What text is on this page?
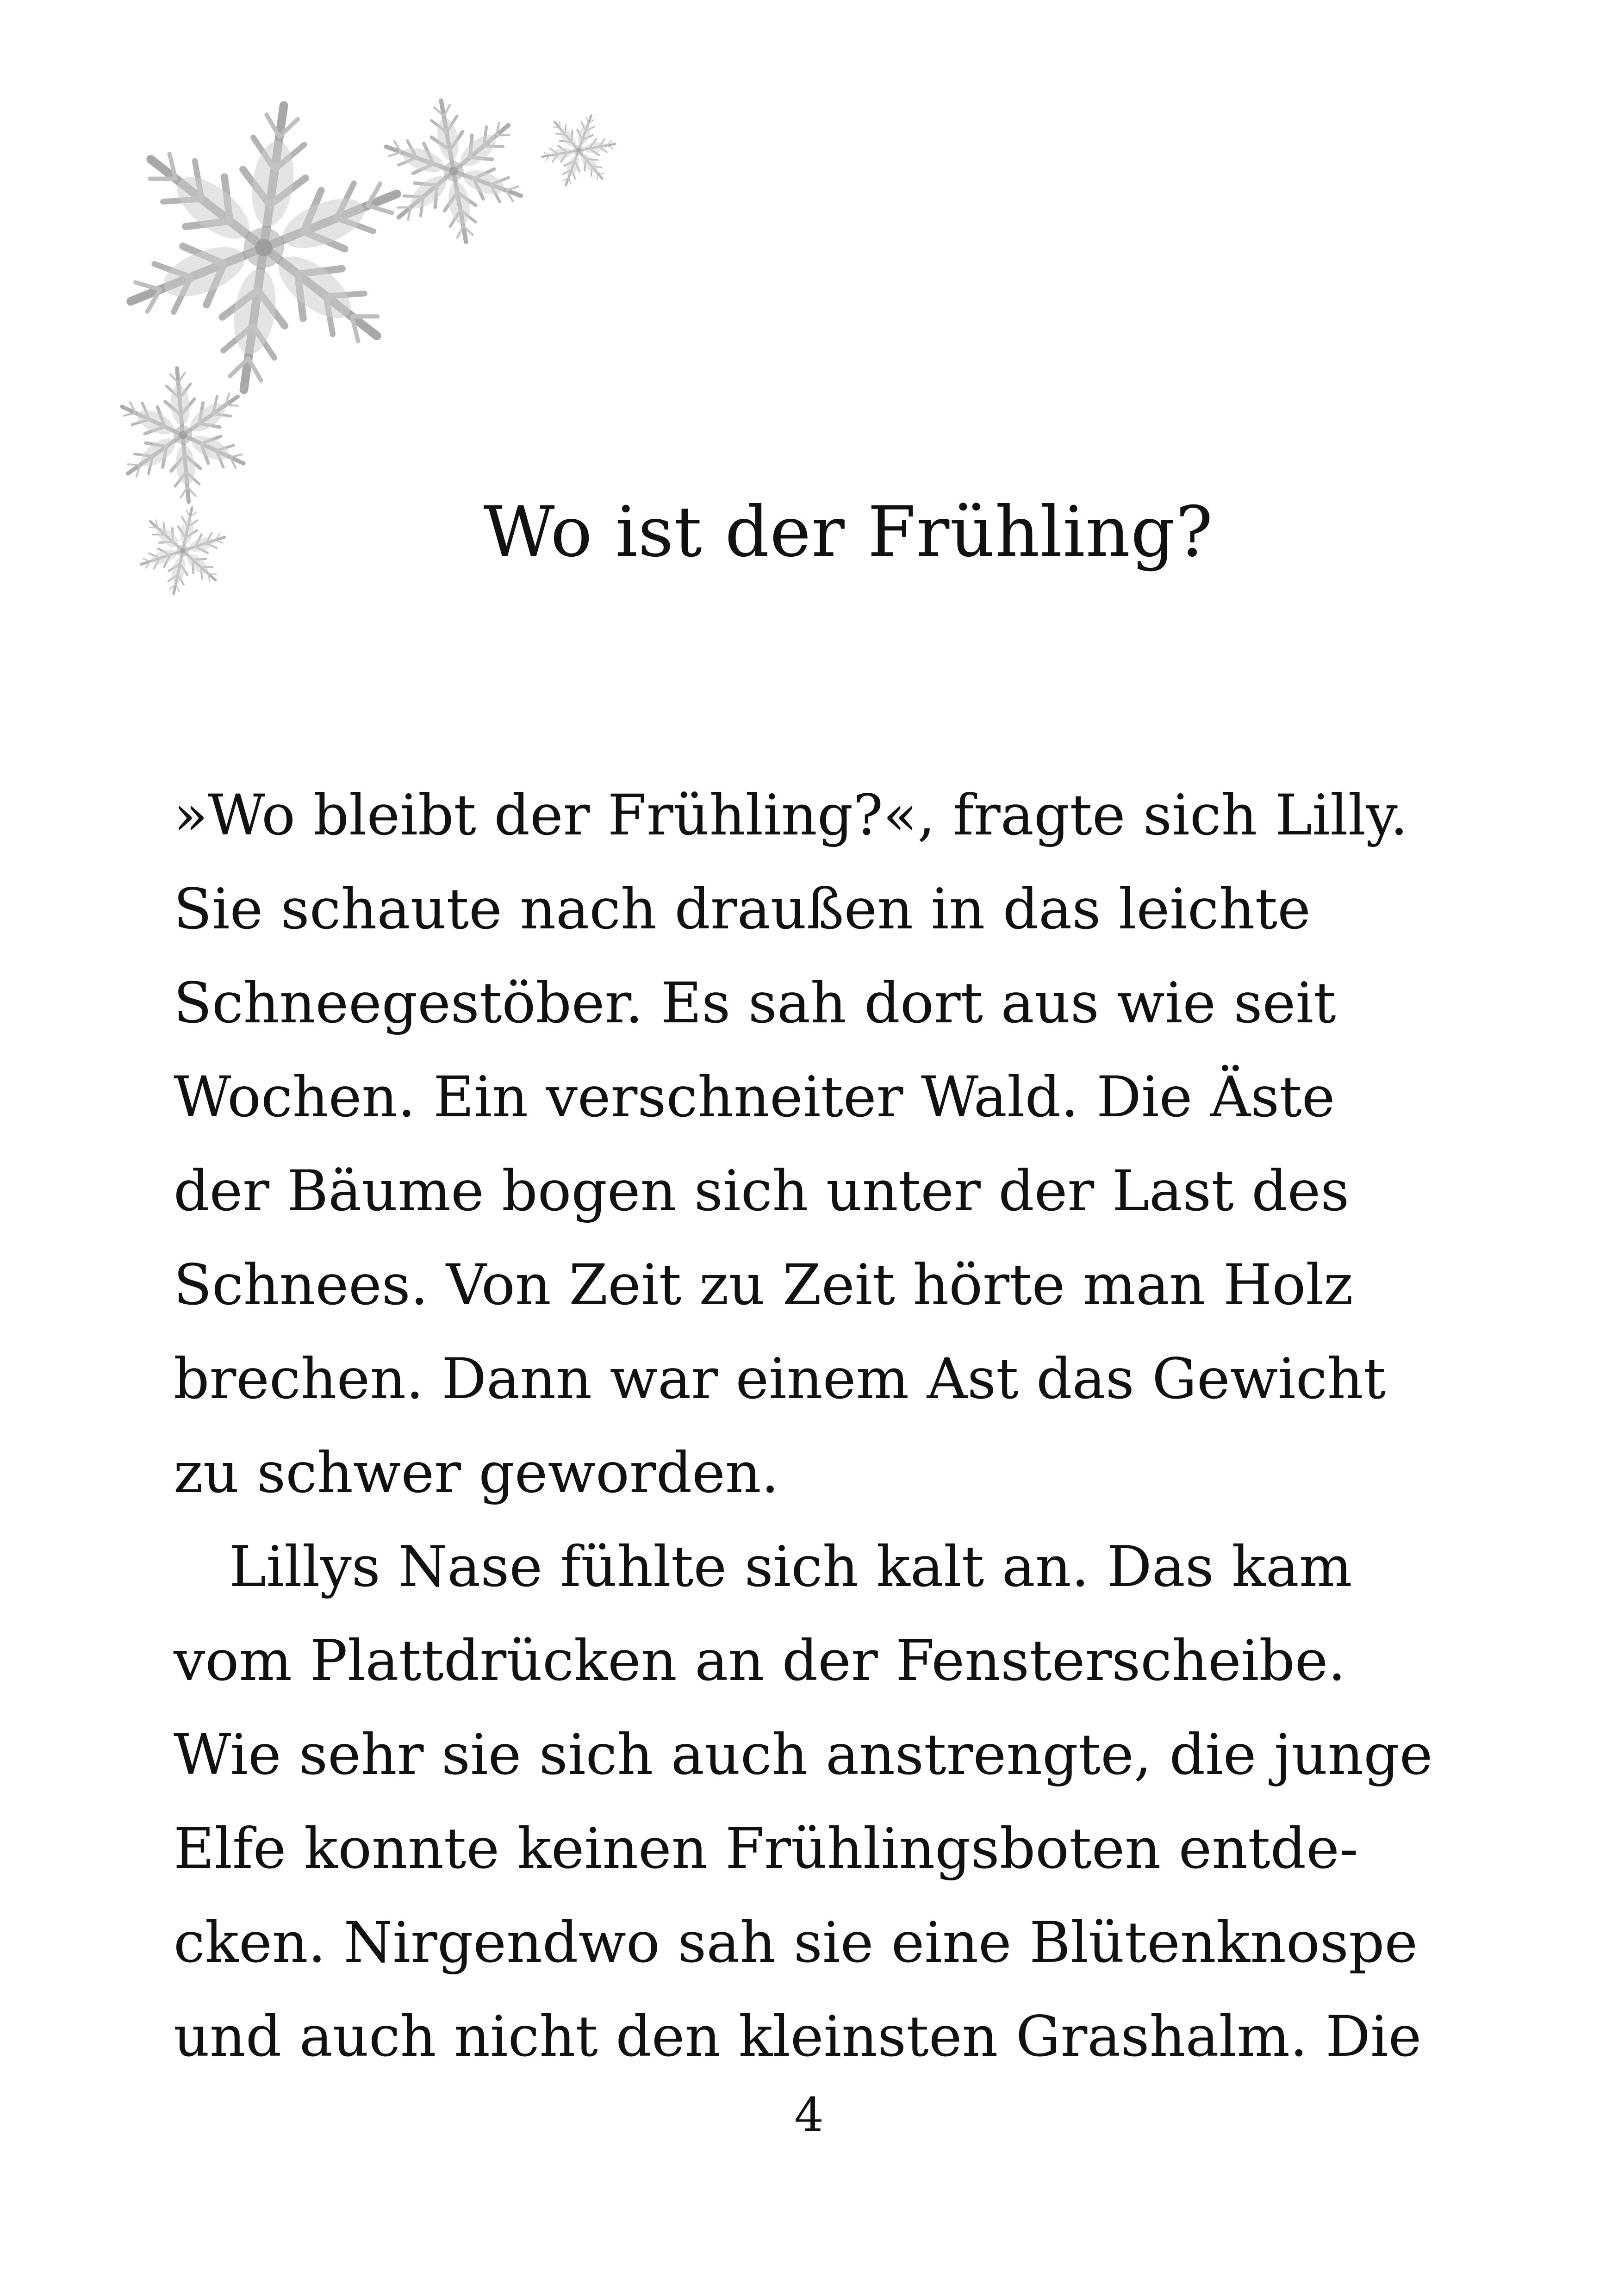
Wo ist der Frühling?
»Wo bleibt der Frühling?«, fragte sich Lilly.
Sie schaute nach draußen in das leichte
Schneegestöber. Es sah dort aus wie seit
Wochen. Ein verschneiter Wald. Die Äste
der Bäume bogen sich unter der Last des
Schnees. Von Zeit zu Zeit hörte man Holz
brechen. Dann war einem Ast das Gewicht
zu schwer geworden.
Lillys Nase fühlte sich kalt an. Das kam
vom Plattdrücken an der Fensterscheibe.
Wie sehr sie sich auch anstrengte, die junge
Elfe konnte keinen Frühlingsboten entde-
cken. Nirgendwo sah sie eine Blütenknospe
und auch nicht den kleinsten Grashalm. Die
4
